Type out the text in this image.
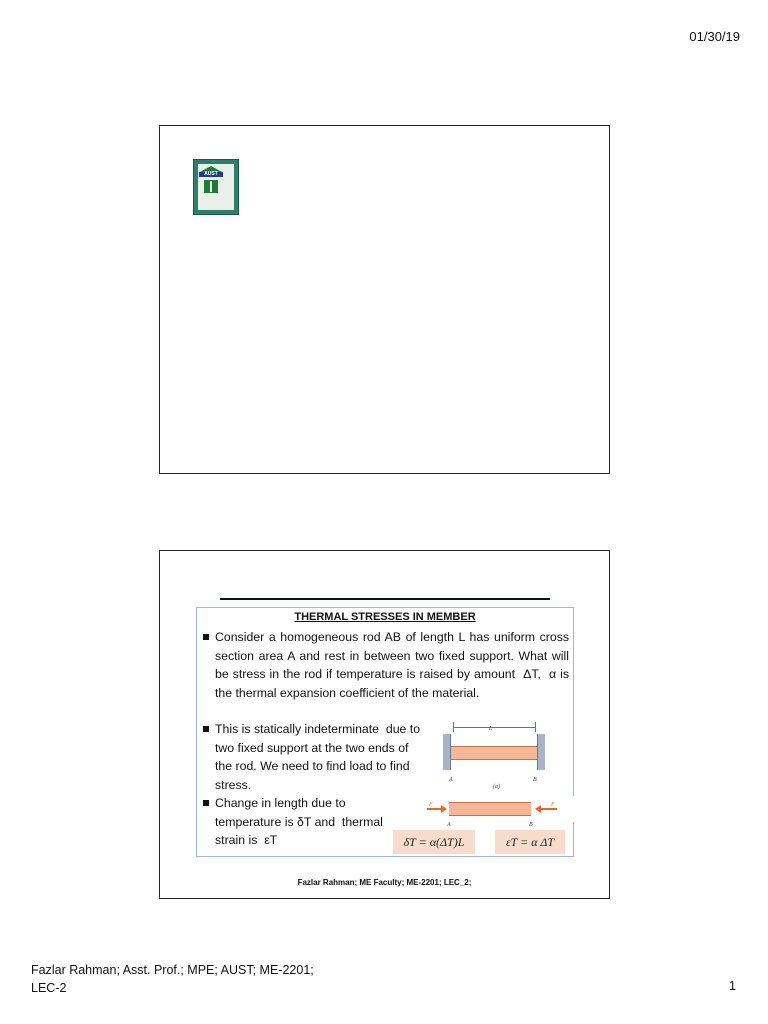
01/30/19
AUST
THERMAL STRESSES IN MEMBER
Consider a homogeneous rod AB of length L has uniform cross section area A and rest in between two fixed support. What will be stress in the rod if temperature is raised by amount  ΔT,  α is the thermal expansion coefficient of the material.
This is statically indeterminate  due to two fixed support at the two ends of the rod. We need to find load to find stress.
Change in length due to temperature is δT and  thermal strain is  εT
L
A	B
(a)
F	F
A	B
δT = α(ΔT)L	εT = α ΔT
Fazlar Rahman; ME Faculty; ME-2201; LEC_2;
Fazlar Rahman; Asst. Prof.; MPE; AUST; ME-2201; LEC-2	1
